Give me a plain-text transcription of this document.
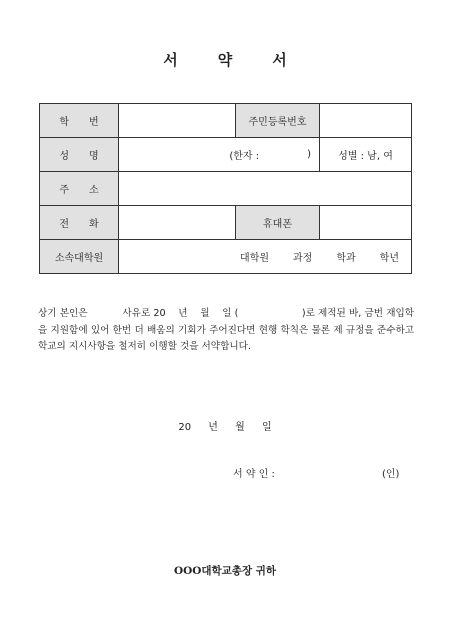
서	약	서
학 번		주민등록번호	
성 명	(한자 : )		성별 : 남, 여
주 소			
전 화		휴대폰	
소속대학원	대학원 과정 학과 학년		
상기 본인은           사유로 20    년    월    일 (                    )로 제적된 바, 금번 재입학을 지원함에 있어 한번 더 배움의 기회가 주어진다면 현행 학칙은 물론 제 규정을 준수하고 학교의 지시사항을 철저히 이행할 것을 서약합니다.
20 년 월 일
서 약 인 :	(인)
OOO대학교총장 귀하
